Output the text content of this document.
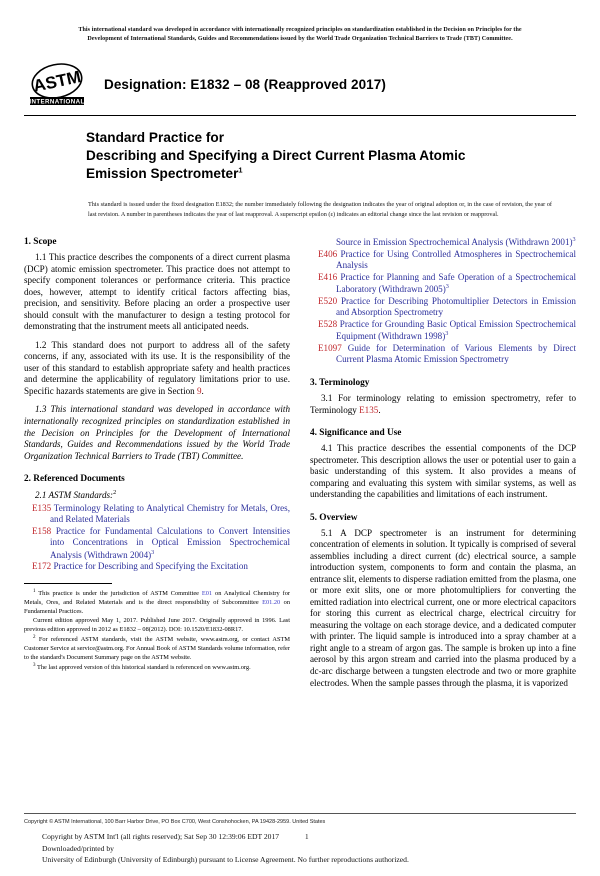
This international standard was developed in accordance with internationally recognized principles on standardization established in the Decision on Principles for the
Development of International Standards, Guides and Recommendations issued by the World Trade Organization Technical Barriers to Trade (TBT) Committee.
ASTM
INTERNATIONAL
Designation: E1832 – 08 (Reapproved 2017)
Standard Practice for
Describing and Specifying a Direct Current Plasma Atomic
Emission Spectrometer$^1$

This standard is issued under the fixed designation E1832; the number immediately following the designation indicates the year of original adoption or, in the case of revision, the year of last revision. A number in parentheses indicates the year of last reapproval. A superscript epsilon (ε) indicates an editorial change since the last revision or reapproval.

1. Scope

1.1 This practice describes the components of a direct current plasma (DCP) atomic emission spectrometer. This practice does not attempt to specify component tolerances or performance criteria. This practice does, however, attempt to identify critical factors affecting bias, precision, and sensitivity. Before placing an order a prospective user should consult with the manufacturer to design a testing protocol for demonstrating that the instrument meets all anticipated needs.

1.2 This standard does not purport to address all of the safety concerns, if any, associated with its use. It is the responsibility of the user of this standard to establish appropriate safety and health practices and determine the applicability of regulatory limitations prior to use. Specific hazards statements are give in Section 9.

1.3 This international standard was developed in accordance with internationally recognized principles on standardization established in the Decision on Principles for the Development of International Standards, Guides and Recommendations issued by the World Trade Organization Technical Barriers to Trade (TBT) Committee.

2. Referenced Documents
2.1 ASTM Standards:$^2$

E135 Terminology Relating to Analytical Chemistry for Metals, Ores, and Related Materials

E158 Practice for Fundamental Calculations to Convert Intensities into Concentrations in Optical Emission Spectrochemical Analysis (Withdrawn 2004)$^3$

E172 Practice for Describing and Specifying the Excitation

$^1$ This practice is under the jurisdiction of ASTM Committee E01 on Analytical Chemistry for Metals, Ores, and Related Materials and is the direct responsibility of Subcommittee E01.20 on Fundamental Practices.

Current edition approved May 1, 2017. Published June 2017. Originally approved in 1996. Last previous edition approved in 2012 as E1832 – 08(2012). DOI: 10.1520/E1832-08R17.

$^2$ For referenced ASTM standards, visit the ASTM website, www.astm.org, or contact ASTM Customer Service at service@astm.org. For Annual Book of ASTM Standards volume information, refer to the standard's Document Summary page on the ASTM website.

$^3$ The last approved version of this historical standard is referenced on www.astm.org.

Source in Emission Spectrochemical Analysis (Withdrawn 2001)$^3$

E406 Practice for Using Controlled Atmospheres in Spectrochemical Analysis

E416 Practice for Planning and Safe Operation of a Spectrochemical Laboratory (Withdrawn 2005)$^3$

E520 Practice for Describing Photomultiplier Detectors in Emission and Absorption Spectrometry

E528 Practice for Grounding Basic Optical Emission Spectrochemical Equipment (Withdrawn 1998)$^3$

E1097 Guide for Determination of Various Elements by Direct Current Plasma Atomic Emission Spectrometry

3. Terminology

3.1 For terminology relating to emission spectrometry, refer to Terminology E135.

4. Significance and Use

4.1 This practice describes the essential components of the DCP spectrometer. This description allows the user or potential user to gain a basic understanding of this system. It also provides a means of comparing and evaluating this system with similar systems, as well as understanding the capabilities and limitations of each instrument.

5. Overview

5.1 A DCP spectrometer is an instrument for determining concentration of elements in solution. It typically is comprised of several assemblies including a direct current (dc) electrical source, a sample introduction system, components to form and contain the plasma, an entrance slit, elements to disperse radiation emitted from the plasma, one or more exit slits, one or more photomultipliers for converting the emitted radiation into electrical current, one or more electrical capacitors for storing this current as electrical charge, electrical circuitry for measuring the voltage on each storage device, and a dedicated computer with printer. The liquid sample is introduced into a spray chamber at a right angle to a stream of argon gas. The sample is broken up into a fine aerosol by this argon stream and carried into the plasma produced by a dc-arc discharge between a tungsten electrode and two or more graphite electrodes. When the sample passes through the plasma, it is vaporized

Copyright © ASTM International, 100 Barr Harbor Drive, PO Box C700, West Conshohocken, PA 19428-2959. United States
Copyright by ASTM Int'l (all rights reserved); Sat Sep 30 12:39:06 EDT 2017
Downloaded/printed by
University of Edinburgh (University of Edinburgh) pursuant to License Agreement. No further reproductions authorized.
1
